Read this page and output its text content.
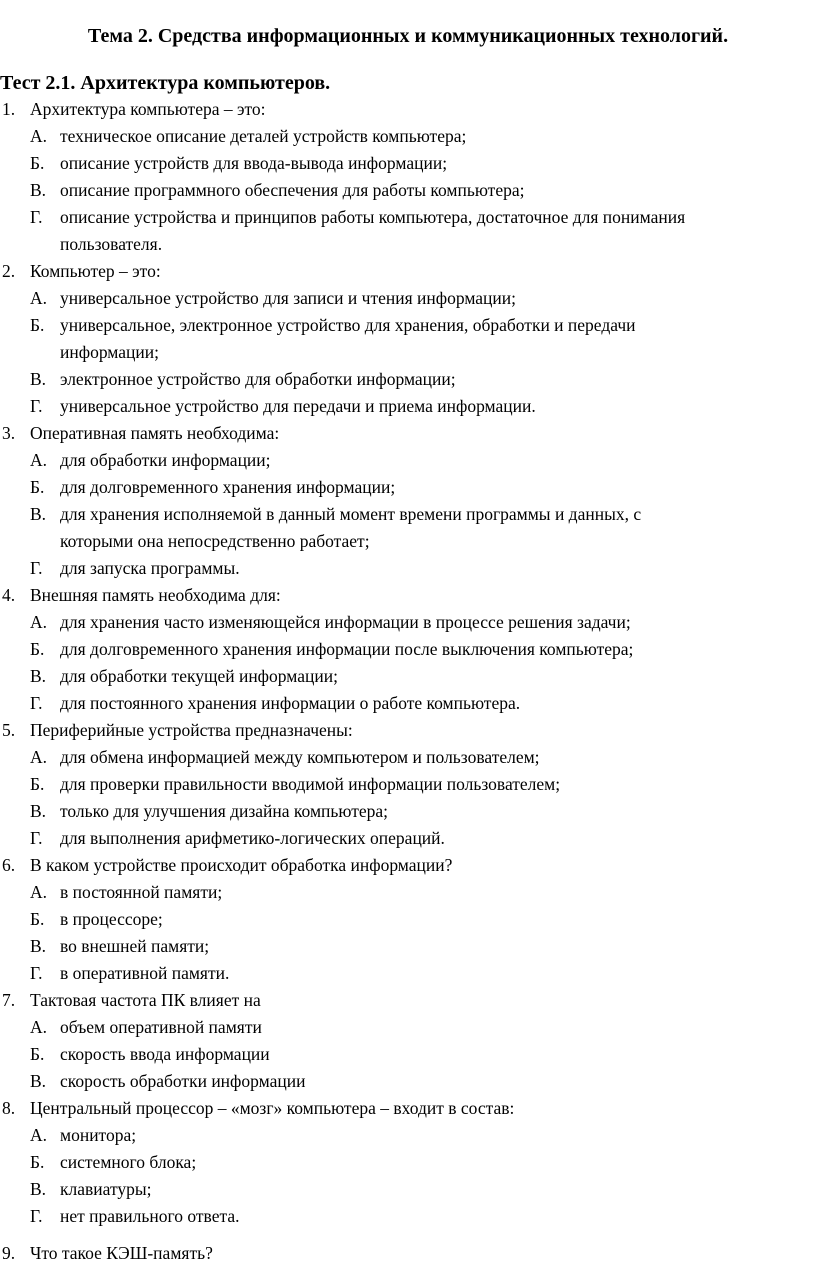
Тема 2. Средства информационных и коммуникационных технологий.
Тест 2.1. Архитектура компьютеров.
1. Архитектура компьютера – это:
А. техническое описание деталей устройств компьютера;
Б. описание устройств для ввода-вывода информации;
В. описание программного обеспечения для работы компьютера;
Г. описание устройства и принципов работы компьютера, достаточное для понимания
пользователя.
2. Компьютер – это:
А. универсальное устройство для записи и чтения информации;
Б. универсальное, электронное устройство для хранения, обработки и передачи
информации;
В. электронное устройство для обработки информации;
Г. универсальное устройство для передачи и приема информации.
3. Оперативная память необходима:
А. для обработки информации;
Б. для долговременного хранения информации;
В. для хранения исполняемой в данный момент времени программы и данных, с
которыми она непосредственно работает;
Г. для запуска программы.
4. Внешняя память необходима для:
А. для хранения часто изменяющейся информации в процессе решения задачи;
Б. для долговременного хранения информации после выключения компьютера;
В. для обработки текущей информации;
Г. для постоянного хранения информации о работе компьютера.
5. Периферийные устройства предназначены:
А. для обмена информацией между компьютером и пользователем;
Б. для проверки правильности вводимой информации пользователем;
В. только для улучшения дизайна компьютера;
Г. для выполнения арифметико-логических операций.
6. В каком устройстве происходит обработка информации?
А. в постоянной памяти;
Б. в процессоре;
В. во внешней памяти;
Г. в оперативной памяти.
7. Тактовая частота ПК влияет на
А. объем оперативной памяти
Б. скорость ввода информации
В. скорость обработки информации
8. Центральный процессор – «мозг» компьютера – входит в состав:
А. монитора;
Б. системного блока;
В. клавиатуры;
Г. нет правильного ответа.
9. Что такое КЭШ-память?
